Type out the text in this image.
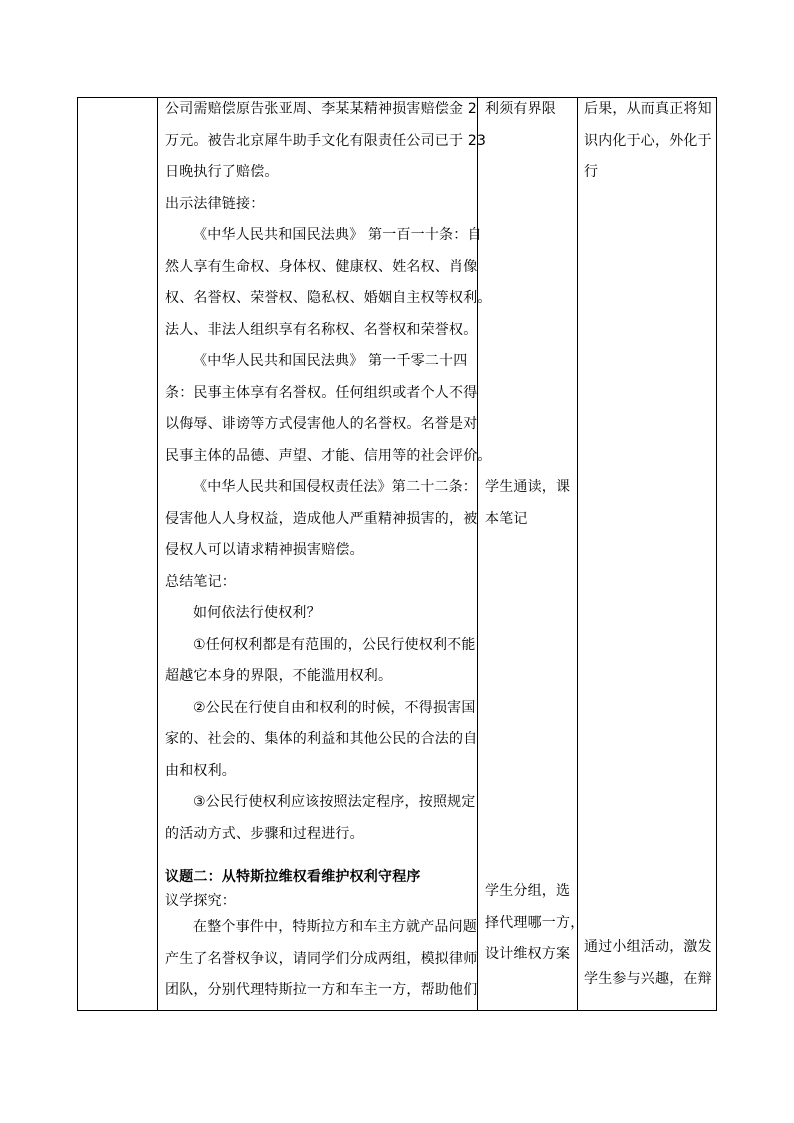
公司需赔偿原告张亚周、李某某精神损害赔偿金 2

万元。被告北京犀牛助手文化有限责任公司已于 23

日晚执行了赔偿。

出示法律链接：

《中华人民共和国民法典》 第一百一十条：自

然人享有生命权、身体权、健康权、姓名权、肖像

权、名誉权、荣誉权、隐私权、婚姻自主权等权利。

法人、非法人组织享有名称权、名誉权和荣誉权。

《中华人民共和国民法典》 第一千零二十四

条：民事主体享有名誉权。任何组织或者个人不得

以侮辱、诽谤等方式侵害他人的名誉权。名誉是对

民事主体的品德、声望、才能、信用等的社会评价。

《中华人民共和国侵权责任法》第二十二条：

侵害他人人身权益，造成他人严重精神损害的，被

侵权人可以请求精神损害赔偿。

总结笔记：

如何依法行使权利？

①任何权利都是有范围的，公民行使权利不能

超越它本身的界限，不能滥用权利。

②公民在行使自由和权利的时候，不得损害国

家的、社会的、集体的利益和其他公民的合法的自

由和权利。

③公民行使权利应该按照法定程序，按照规定

的活动方式、步骤和过程进行。

议题二：从特斯拉维权看维护权利守程序

议学探究：

在整个事件中，特斯拉方和车主方就产品问题

产生了名誉权争议，请同学们分成两组，模拟律师

团队，分别代理特斯拉一方和车主一方，帮助他们

利须有界限

学生通读，课

本笔记

学生分组，选

择代理哪一方，

设计维权方案

后果，从而真正将知

识内化于心，外化于

行

通过小组活动，激发

学生参与兴趣，在辩
